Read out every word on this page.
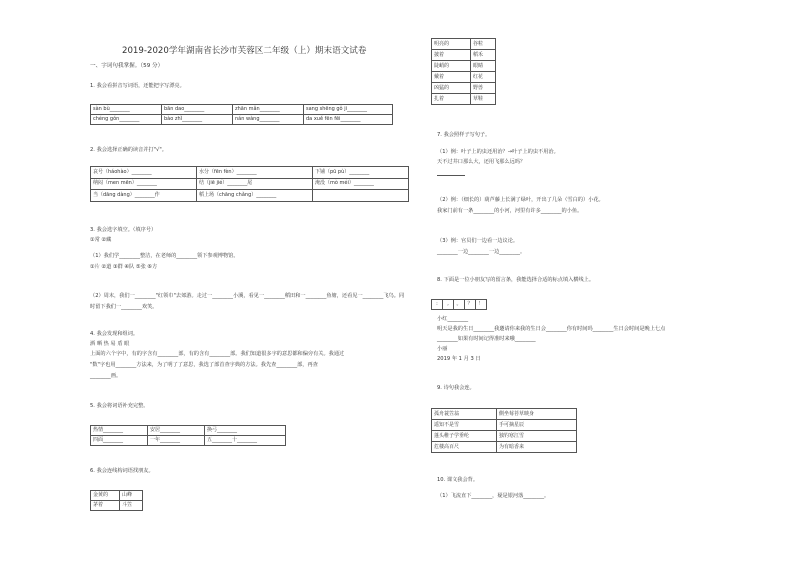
2019-2020学年湖南省长沙市芙蓉区二年级（上）期末语文试卷
一、字词句我掌握。（59 分）
1. 我会看拼音写词语，还能把字写漂亮。
sàn bù________	bān dao________	zhān mǎn________	sang shēng gǒ ji________
chéng gǒn________	bào zhǐ________	nán wàng________	da xuě fēn fēi________
2. 我会选择正确的读音并打"√"。
哀号（háohào）________	水分（fēn fèn）________	下铺（pū pù）________
纳闷（men mēn）________	结（jiē jié）________尾	淹没（mò méi）________
当（dāng dàng）________作	稻上场（chāng chǎng）________	
3. 我会选字填空。（填序号）
①常 ②藏
（1）我们学________整洁，在老师的________领下参观博物馆。
①片 ②道 ③群 ④队 ⑤张 ⑥方
（2）周末，我们一________"红领巾"去郊游。走过一________小溪，看见一________稻田和一________鱼塘，还看见一________飞鸟。同时留下我们一________欢笑。
4. 我会发现和组词。
洒 晒 热 易 盾 眼
上面的六个字中，有的字含有________部，有的含有________部。我们知道很多字的意思都和偏旁有关。我通过
"数"字也用________方法来，为了明了了意思，我选了部首查字典的方法。我先查________部，再查
________画。
5. 我会将词语补充完整。
热情________	安居________	换弓________
四面________	一年________	五________十________
6. 我会连线构词语找朋友。
金黄的	山峰
茅着	斗笠
明亮的	谷粒
披着	稻禾
陡峭的	眼睛
戴着	红花
凶猛的	野兽
扎着	草鞋
7. 我会照样子写句子。
（1）例：叶子上的虫还用治？→叶子上的虫不用治。
天不过井口那么大，还用飞那么远吗？
（2）例：（细长的）葫芦藤上长满了绿叶，开出了几朵（雪白的）小花。
我家门前有一条________的小河，河里有许多________的小鱼。
（3）例：官员们一边看一边议论。
________一边________一边________。
8. 下面是一位小朋友写的留言条，我能选择合适的标点填入横线上。
:	,	。	？	！
小红________
明天是我的生日________我邀请你来我的生日会________你有时间吗________生日会时间是晚上七点
________如果有时间记得准时来哦________
小丽
2019 年 1 月 3 日
9. 诗句我会连。
孤舟蓑笠翁	側坐莓苔草映身
遥知不是雪	手可摘星辰
蓬头稚子学垂纶	独钓寒江雪
危楼高百尺	为有暗香来
10. 课文我会背。
（1）飞流直下________，疑是银河落________。
